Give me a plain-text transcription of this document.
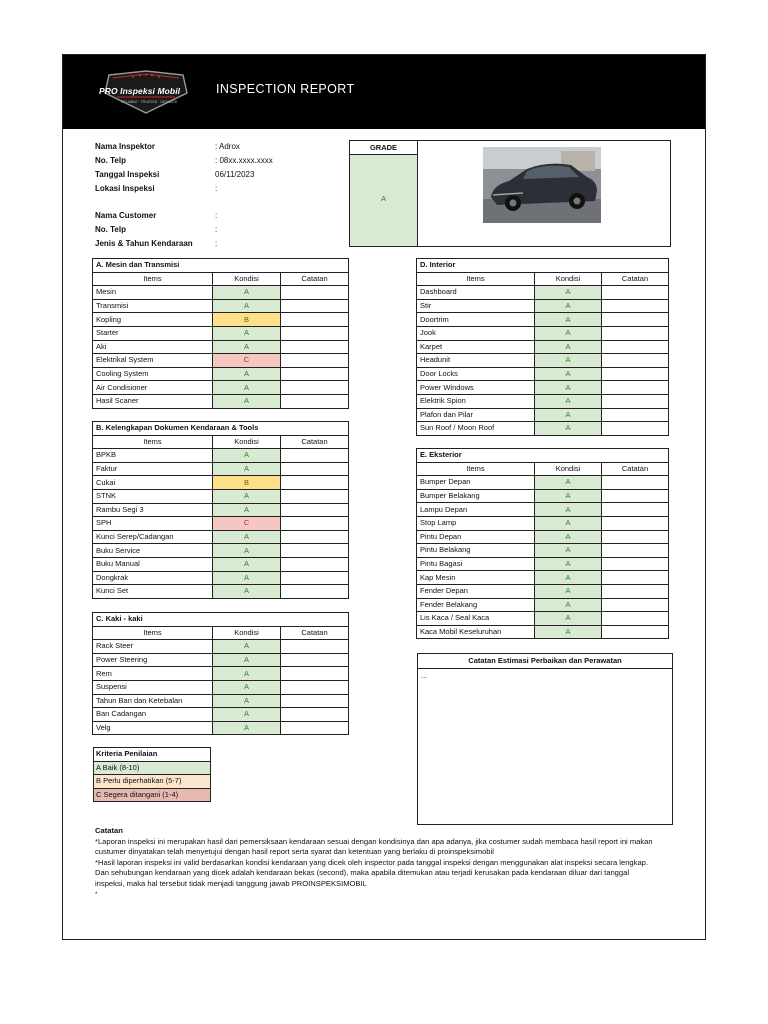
PRO Inspeksi Mobil
RELIABLE · TRUSTED · DETAILED
INSPECTION REPORT
Nama Inspektor	: Adrox
No. Telp	: 08xx.xxxx.xxxx
Tanggal Inspeksi	06/11/2023
Lokasi Inspeksi	:
Nama Customer	:
No. Telp	:
Jenis & Tahun Kendaraan	:
GRADE
A
A. Mesin dan Transmisi		
Items	Kondisi	Catatan
Mesin	A	
Transmisi	A	
Kopling	B	
Starter	A	
Aki	A	
Elektrikal System	C	
Cooling System	A	
Air Condisioner	A	
Hasil Scaner	A	
B. Kelengkapan Dokumen Kendaraan & Tools		
Items	Kondisi	Catatan
BPKB	A	
Faktur	A	
Cukai	B	
STNK	A	
Rambu Segi 3	A	
SPH	C	
Kunci Serep/Cadangan	A	
Buku Service	A	
Buku Manual	A	
Dongkrak	A	
Kunci Set	A	
C. Kaki - kaki		
Items	Kondisi	Catatan
Rack Steer	A	
Power Steering	A	
Rem	A	
Suspensi	A	
Tahun Ban dan Ketebalan	A	
Ban Cadangan	A	
Velg	A	
D. Interior		
Items	Kondisi	Catatan
Dashboard	A	
Stir	A	
Doortrim	A	
Jook	A	
Karpet	A	
Headunit	A	
Door Locks	A	
Power Windows	A	
Elektrik Spion	A	
Plafon dan Pilar	A	
Sun Roof / Moon Roof	A	
E. Eksterior		
Items	Kondisi	Catatan
Bumper Depan	A	
Bumper Belakang	A	
Lampu Depan	A	
Stop Lamp	A	
Pintu Depan	A	
Pintu Belakang	A	
Pintu Bagasi	A	
Kap Mesin	A	
Fender Depan	A	
Fender Belakang	A	
Lis Kaca / Seal Kaca	A	
Kaca Mobil Keseluruhan	A	
Catatan Estimasi Perbaikan dan Perawatan
...
Kriteria Penilaian
A Baik (8-10)
B Perlu diperhatikan (5-7)
C Segera ditangani (1-4)

Catatan

*Laporan inspeksi ini merupakan hasil dari pemersiksaan kendaraan sesuai dengan kondisinya dan apa adanya, jika costumer sudah membaca hasil report ini makan custumer dinyatakan telah menyetujui dengan hasil report serta syarat dan ketentuan yang berlaku di proinspeksimobil

*Hasil laporan inspeksi ini valid berdasarkan kondisi kendaraan yang dicek oleh inspector pada tanggal inspeksi dengan menggunakan alat inspeksi secara lengkap. Dan sehubungan kendaraan yang dicek adalah kendaraan bekas (second), maka apabila ditemukan atau terjadi kerusakan pada kendaraan diluar dari tanggal inspeksi, maka hal tersebut tidak menjadi tanggung jawab PROINSPEKSIMOBIL

*
